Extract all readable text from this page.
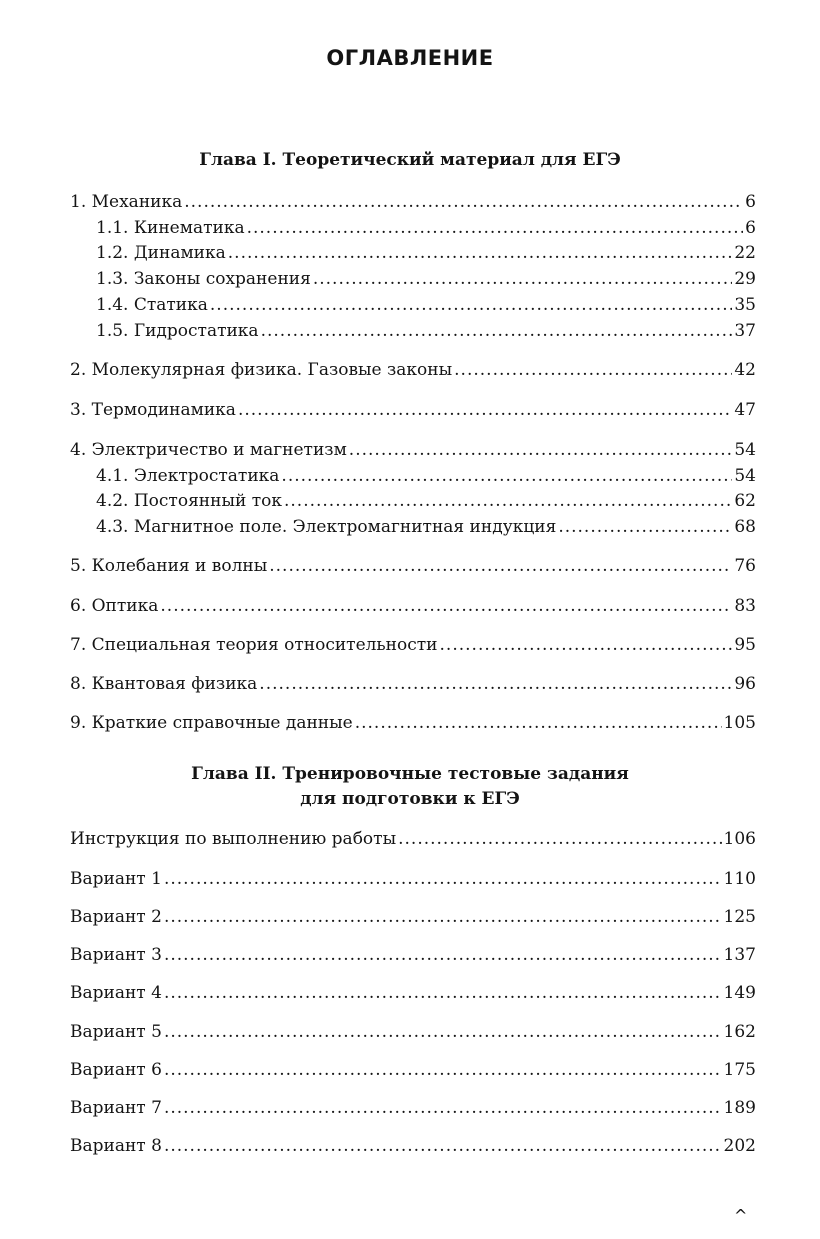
ОГЛАВЛЕНИЕ
Глава I. Теоретический материал для ЕГЭ
1. Механика .....	6
1.1. Кинематика .....	6
1.2. Динамика .....	22
1.3. Законы сохранения .....	29
1.4. Статика .....	35
1.5. Гидростатика .....	37
2. Молекулярная физика. Газовые законы .....	42
3. Термодинамика .....	47
4. Электричество и магнетизм .....	54
4.1. Электростатика .....	54
4.2. Постоянный ток .....	62
4.3. Магнитное поле. Электромагнитная индукция .....	68
5. Колебания и волны .....	76
6. Оптика .....	83
7. Специальная теория относительности .....	95
8. Квантовая физика .....	96
9. Краткие справочные данные .....	105
Глава II. Тренировочные тестовые задания
для подготовки к ЕГЭ
Инструкция по выполнению работы .....	106
Вариант 1 .....	110
Вариант 2 .....	125
Вариант 3 .....	137
Вариант 4 .....	149
Вариант 5 .....	162
Вариант 6 .....	175
Вариант 7 .....	189
Вариант 8 .....	202
^
